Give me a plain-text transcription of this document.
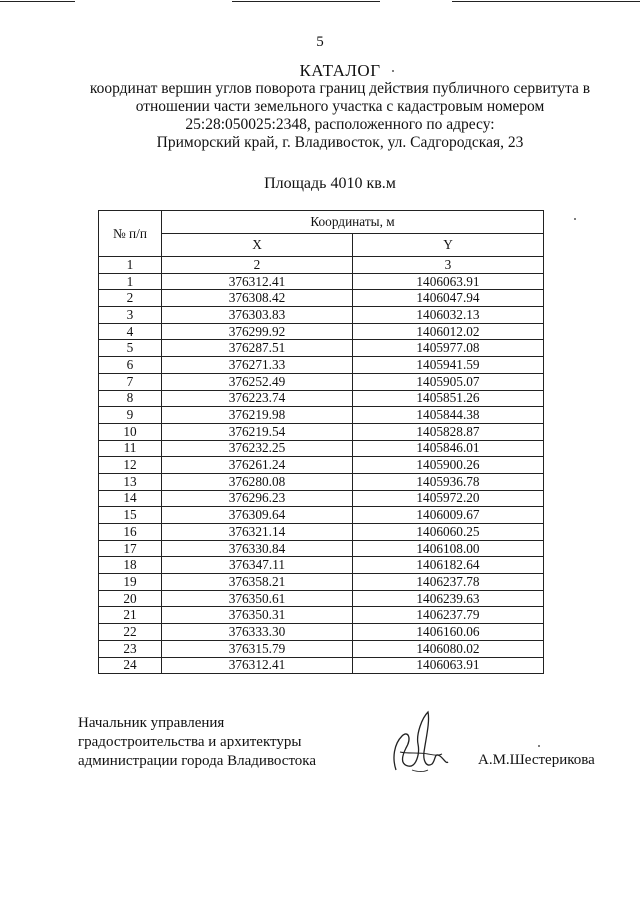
5
КАТАЛОГ
координат вершин углов поворота границ действия публичного сервитута в
отношении части земельного участка с кадастровым номером
25:28:050025:2348, расположенного по адресу:
Приморский край, г. Владивосток, ул. Садгородская, 23
Площадь 4010 кв.м
№ п/п	Координаты, м	
	X	Y
1	2	3
1	376312.41	1406063.91
2	376308.42	1406047.94
3	376303.83	1406032.13
4	376299.92	1406012.02
5	376287.51	1405977.08
6	376271.33	1405941.59
7	376252.49	1405905.07
8	376223.74	1405851.26
9	376219.98	1405844.38
10	376219.54	1405828.87
11	376232.25	1405846.01
12	376261.24	1405900.26
13	376280.08	1405936.78
14	376296.23	1405972.20
15	376309.64	1406009.67
16	376321.14	1406060.25
17	376330.84	1406108.00
18	376347.11	1406182.64
19	376358.21	1406237.78
20	376350.61	1406239.63
21	376350.31	1406237.79
22	376333.30	1406160.06
23	376315.79	1406080.02
24	376312.41	1406063.91
Начальник управления
градостроительства и архитектуры
администрации города Владивостока	А.М.Шестерикова
